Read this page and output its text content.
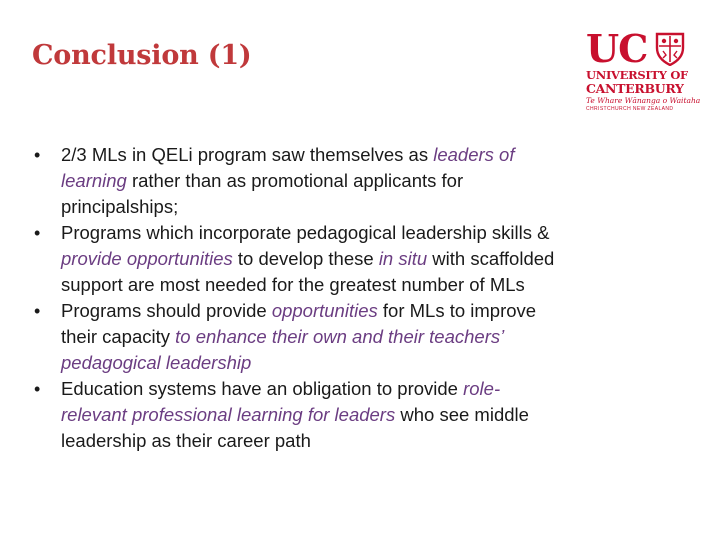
Conclusion (1)	UC
UNIVERSITY OF
CANTERBURY
Te Whare Wānanga o Waitaha
CHRISTCHURCH NEW ZEALAND
• 2/3 MLs in QELi program saw themselves as leaders of learning rather than as promotional applicants for principalships;
• Programs which incorporate pedagogical leadership skills & provide opportunities to develop these in situ with scaffolded support are most needed for the greatest number of MLs
• Programs should provide opportunities for MLs to improve their capacity to enhance their own and their teachers’ pedagogical leadership
• Education systems have an obligation to provide role-relevant professional learning for leaders who see middle leadership as their career path
